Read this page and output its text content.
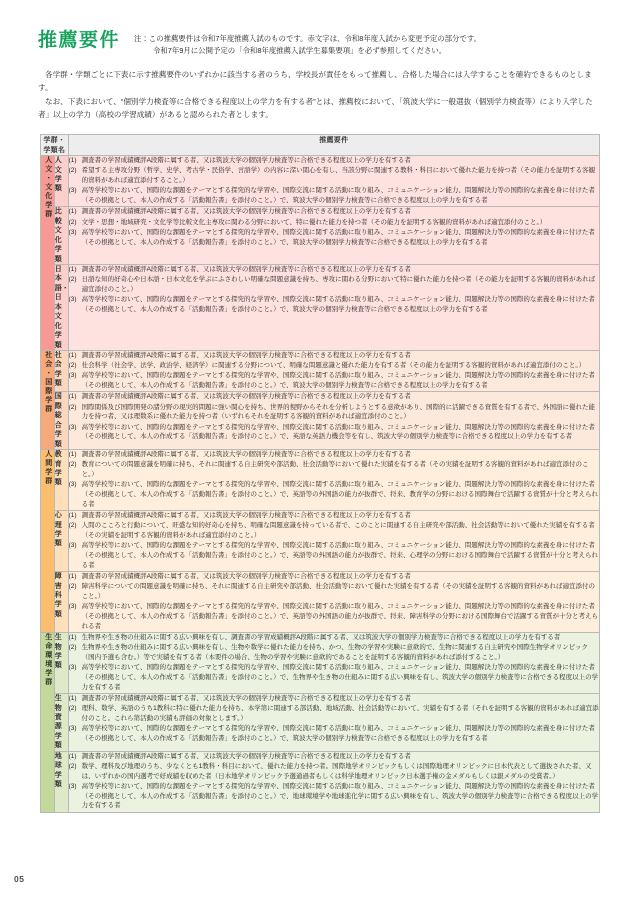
推薦要件 注：この推薦要件は令和7年度推薦入試のものです。赤文字は、令和8年度入試から変更予定の部分です。
令和7年9月に公開予定の「令和8年度推薦入試学生募集要項」を必ず参照してください。

各学群・学類ごとに下表に示す推薦要件のいずれかに該当する者のうち、学校長が責任をもって推薦し、合格した場合には入学することを確約できるものとします。

なお、下表において、“個別学力検査等に合格できる程度以上の学力を有する者”とは、推薦校において、「筑波大学に一般選抜（個別学力検査等）により入学した者」以上の学力（高校の学習成績）があると認められた者とします。

学群・学類名		推薦要件
人文・文化学群	人文学類	
(1) 調査書の学習成績概評A段階に属する者、又は筑波大学の個別学力検査等に合格できる程度以上の学力を有する者
(2) 希望する主専攻分野（哲学、史学、考古学・民俗学、言語学）の内容に深い関心を有し、当該分野に関連する教科・科目において優れた能力を持つ者（その能力を証明する客観的資料があれば適宜添付すること。）
(3) 高等学校等において、国際的な課題をテーマとする探究的な学習や、国際交流に関する活動に取り組み、コミュニケーション能力、問題解決力等の国際的な素養を身に付けた者（その根拠として、本人の作成する「活動報告書」を添付のこと。）で、筑波大学の個別学力検査等に合格できる程度以上の学力を有する者

比較文化学類	
(1) 調査書の学習成績概評A段階に属する者、又は筑波大学の個別学力検査等に合格できる程度以上の学力を有する者
(2) 文学・思想・地域研究・文化学等比較文化主専攻に関わる分野において、特に優れた能力を持つ者（その能力を証明する客観的資料があれば適宜添付のこと。）
(3) 高等学校等において、国際的な課題をテーマとする探究的な学習や、国際交流に関する活動に取り組み、コミュニケーション能力、問題解決力等の国際的な素養を身に付けた者（その根拠として、本人の作成する「活動報告書」を添付のこと。）で、筑波大学の個別学力検査等に合格できる程度以上の学力を有する者

日本語・日本文化学類	
(1) 調査書の学習成績概評A段階に属する者、又は筑波大学の個別学力検査等に合格できる程度以上の学力を有する者
(2) 日語な知的好奇心や日本語・日本文化を学ぶにふさわしい明確な問題意識を持ち、専攻に関わる分野において特に優れた能力を持つ者（その能力を証明する客観的資料があれば適宜添付のこと。）
(3) 高等学校等において、国際的な課題をテーマとする探究的な学習や、国際交流に関する活動に取り組み、コミュニケーション能力、問題解決力等の国際的な素養を身に付けた者（その根拠として、本人の作成する「活動報告書」を添付のこと。）で、筑波大学の個別学力検査等に合格できる程度以上の学力を有する者

社会・国際学群	社会学類	
(1) 調査書の学習成績概評A段階に属する者、又は筑波大学の個別学力検査等に合格できる程度以上の学力を有する者
(2) 社会科学（社会学、法学、政治学、経済学）に関連する分野について、明確な問題意識と優れた能力を有する者（その能力を証明する客観的資料があれば適宜添付のこと。）
(3) 高等学校等において、国際的な課題をテーマとする探究的な学習や、国際交流に関する活動に取り組み、コミュニケーション能力、問題解決力等の国際的な素養を身に付けた者（その根拠として、本人の作成する「活動報告書」を添付のこと。）で、筑波大学の個別学力検査等に合格できる程度以上の学力を有する者

国際総合学類	
(1) 調査書の学習成績概評A段階に属する者、又は筑波大学の個別学力検査等に合格できる程度以上の学力を有する者
(2) 国際関係及び国際開発の諸分野の現実的問題に強い関心を持ち、世界的視野からそれを分析しようとする意欲があり、国際的に活躍できる資質を有する者で、外国語に優れた能力を持つ者、又は理数系に優れた能力を持つ者（いずれもそれを証明する客観的資料があれば適宜添付のこと。）
(3) 高等学校等において、国際的な課題をテーマとする探究的な学習や、国際交流に関する活動に取り組み、コミュニケーション能力、問題解決力等の国際的な素養を身に付けた者（その根拠として、本人の作成する「活動報告書」を添付のこと。）で、英語な英語力機会等を有し、筑波大学の個別学力検査等に合格できる程度以上の学力を有する者

人間学群	教育学類	
(1) 調査書の学習成績概評A段階に属する者、又は筑波大学の個別学力検査等に合格できる程度以上の学力を有する者
(2) 教育についての問題意識を明確に持ち、それに関連する自主研究や部活動、社会活動等において優れた実績を有する者（その実績を証明する客観的資料があれば適宜添付のこと。）
(3) 高等学校等において、国際的な課題をテーマとする探究的な学習や、国際交流に関する活動に取り組み、コミュニケーション能力、問題解決力等の国際的な素養を身に付けた者（その根拠として、本人の作成する「活動報告書」を添付のこと。）で、英語等の外国語の能力が抜群で、将来、教育学の分野における国際舞台で活躍する資質が十分と考えられる者

心理学類	
(1) 調査書の学習成績概評A段階に属する者、又は筑波大学の個別学力検査等に合格できる程度以上の学力を有する者
(2) 人間のこころと行動について、旺盛な知的好奇心を持ち、明確な問題意識を持っている者で、このことに関連する自主研究や部活動、社会活動等において優れた実績を有する者（その実績を証明する客観的資料があれば適宜添付のこと。）
(3) 高等学校等において、国際的な課題をテーマとする探究的な学習や、国際交流に関する活動に取り組み、コミュニケーション能力、問題解決力等の国際的な素養を身に付けた者（その根拠として、本人の作成する「活動報告書」を添付のこと。）で、英語等の外国語の能力が抜群で、将来、心理学の分野における国際舞台で活躍する資質が十分と考えられる者

障害科学類	
(1) 調査書の学習成績概評A段階に属する者、又は筑波大学の個別学力検査等に合格できる程度以上の学力を有する者
(2) 障害科学についての問題意識を明確に持ち、それに関連する自主研究や部活動、社会活動等において優れた実績を有する者（その実績を証明する客観的資料があれば適宜添付のこと。）
(3) 高等学校等において、国際的な課題をテーマとする探究的な学習や、国際交流に関する活動に取り組み、コミュニケーション能力、問題解決力等の国際的な素養を身に付けた者（その根拠として、本人の作成する「活動報告書」を添付のこと。）で、英語等の外国語の能力が抜群で、将来、障害科学の分野における国際舞台で活躍する資質が十分と考えられる者

生命環境学群	生物学類	
(1) 生物界や生き物の仕組みに関する広い興味を有し、調査書の学習成績概評A段階に属する者、又は筑波大学の個別学力検査等に合格できる程度以上の学力を有する者
(2) 生物界や生き物の仕組みに関する広い興味を有し、生物や数学に優れた能力を持ち、かつ、生物の学習や実験に意欲的で、生物に関連する自主研究や国際生物学オリンピック（国内予選も含む。）等で実績を有する者（本要件の場合、生物の学習や実験に意欲的であることを証明する客観的資料があれば添付すること。）
(3) 高等学校等において、国際的な課題をテーマとする探究的な学習や、国際交流に関する活動に取り組み、コミュニケーション能力、問題解決力等の国際的な素養を身に付けた者（その根拠として、本人の作成する「活動報告書」を添付のこと。）で、生物界や生き物の仕組みに関する広い興味を有し、筑波大学の個別学力検査等に合格できる程度以上の学力を有する者

生物資源学類	
(1) 調査書の学習成績概評A段階に属する者、又は筑波大学の個別学力検査等に合格できる程度以上の学力を有する者
(2) 理科、数学、英語のうち1教科に特に優れた能力を持ち、本学第に関連する部活動、地域活動、社会活動等において、実績を有する者（それを証明する客観的資料があれば適宜添付のこと。これら第活動の実績も評価の対象とします。）
(3) 高等学校等において、国際的な課題をテーマとする探究的な学習や、国際交流に関する活動に取り組み、コミュニケーション能力、問題解決力等の国際的な素養を身に付けた者（その根拠として、本人の作成する「活動報告書」を添付のこと。）で、筑波大学の個別学力検査等に合格できる程度以上の学力を有する者

地球学類	
(1) 調査書の学習成績概評A段階に属する者、又は筑波大学の個別学力検査等に合格できる程度以上の学力を有する者
(2) 数学、理科及び地理のうち、少なくとも1教科・科目において、優れた能力を持つ者。国際地学オリンピックもしくは国際地理オリンピックに日本代表として選抜された者、又は、いずれかの国内選考で好成績を収めた者（日本地学オリンピック予選通過者もしくは科学地理オリンピック日本選手権の金メダルもしくは銀メダルの受賞者。）
(3) 高等学校等において、国際的な課題をテーマとする探究的な学習や、国際交流に関する活動に取り組み、コミュニケーション能力、問題解決力等の国際的な素養を身に付けた者（その根拠として、本人の作成する「活動報告書」を添付のこと。）で、地球環境学や地球進化学に関する広い興味を有し、筑波大学の個別学力検査等に合格できる程度以上の学力を有する者
05
